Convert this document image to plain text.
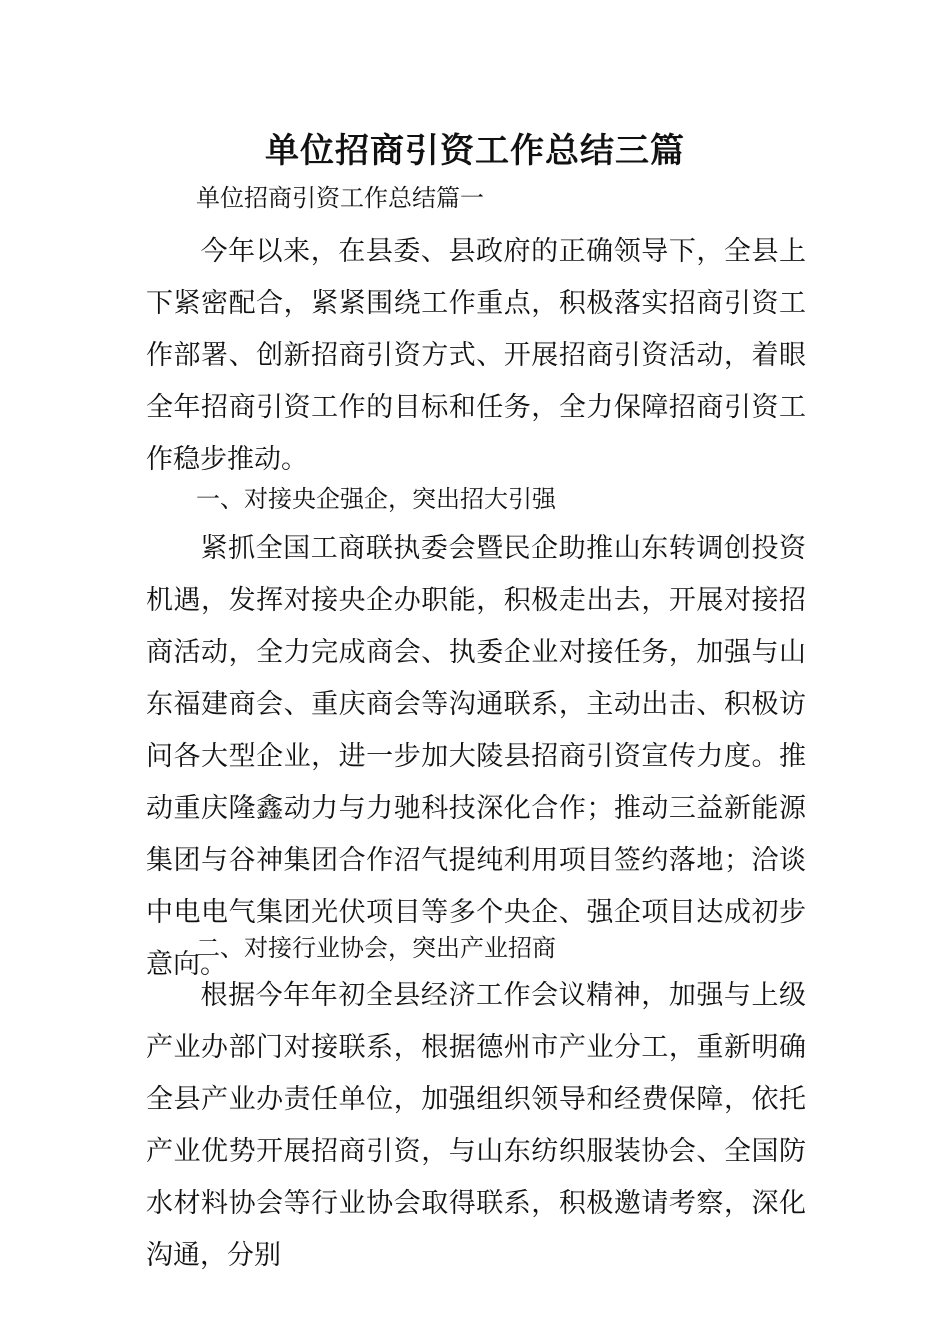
单位招商引资工作总结三篇

单位招商引资工作总结篇一

今年以来，在县委、县政府的正确领导下，全县上下紧密配合，紧紧围绕工作重点，积极落实招商引资工作部署、创新招商引资方式、开展招商引资活动，着眼全年招商引资工作的目标和任务，全力保障招商引资工作稳步推动。

一、对接央企强企，突出招大引强

紧抓全国工商联执委会暨民企助推山东转调创投资机遇，发挥对接央企办职能，积极走出去，开展对接招商活动，全力完成商会、执委企业对接任务，加强与山东福建商会、重庆商会等沟通联系，主动出击、积极访问各大型企业，进一步加大陵县招商引资宣传力度。推动重庆隆鑫动力与力驰科技深化合作；推动三益新能源集团与谷神集团合作沼气提纯利用项目签约落地；洽谈中电电气集团光伏项目等多个央企、强企项目达成初步意向。

二、对接行业协会，突出产业招商

根据今年年初全县经济工作会议精神，加强与上级产业办部门对接联系，根据德州市产业分工，重新明确全县产业办责任单位，加强组织领导和经费保障，依托产业优势开展招商引资，与山东纺织服装协会、全国防水材料协会等行业协会取得联系，积极邀请考察，深化沟通，分别
